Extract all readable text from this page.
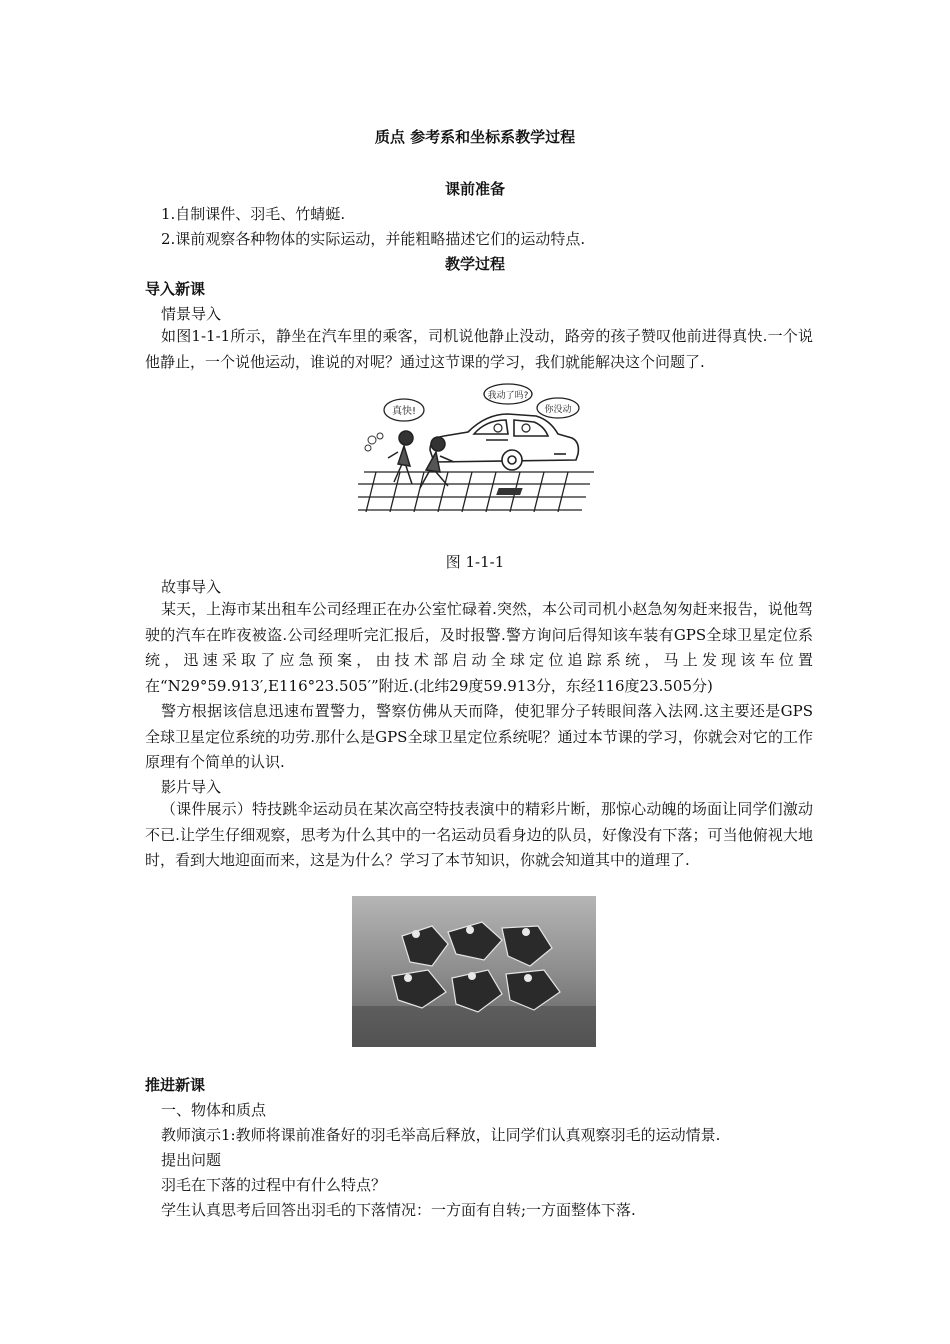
质点 参考系和坐标系教学过程
课前准备
1.自制课件、羽毛、竹蜻蜓.
2.课前观察各种物体的实际运动，并能粗略描述它们的运动特点.
教学过程
导入新课
情景导入
如图1-1-1所示，静坐在汽车里的乘客，司机说他静止没动，路旁的孩子赞叹他前进得真快.一个说他静止，一个说他运动，谁说的对呢？通过这节课的学习，我们就能解决这个问题了.
真快!
我动了吗?
你没动
图 1-1-1
故事导入
某天，上海市某出租车公司经理正在办公室忙碌着.突然，本公司司机小赵急匆匆赶来报告，说他驾驶的汽车在昨夜被盗.公司经理听完汇报后，及时报警.警方询问后得知该车装有GPS全球卫星定位系统，迅速采取了应急预案，由技术部启动全球定位追踪系统，马上发现该车位置在“N29°59.913′,E116°23.505′”附近.(北纬29度59.913分，东经116度23.505分)
警方根据该信息迅速布置警力，警察仿佛从天而降，使犯罪分子转眼间落入法网.这主要还是GPS全球卫星定位系统的功劳.那什么是GPS全球卫星定位系统呢？通过本节课的学习，你就会对它的工作原理有个简单的认识.
影片导入
（课件展示）特技跳伞运动员在某次高空特技表演中的精彩片断，那惊心动魄的场面让同学们激动不已.让学生仔细观察，思考为什么其中的一名运动员看身边的队员，好像没有下落；可当他俯视大地时，看到大地迎面而来，这是为什么？学习了本节知识，你就会知道其中的道理了.
推进新课
一、物体和质点
教师演示1:教师将课前准备好的羽毛举高后释放，让同学们认真观察羽毛的运动情景.
提出问题
羽毛在下落的过程中有什么特点？
学生认真思考后回答出羽毛的下落情况：一方面有自转;一方面整体下落.
